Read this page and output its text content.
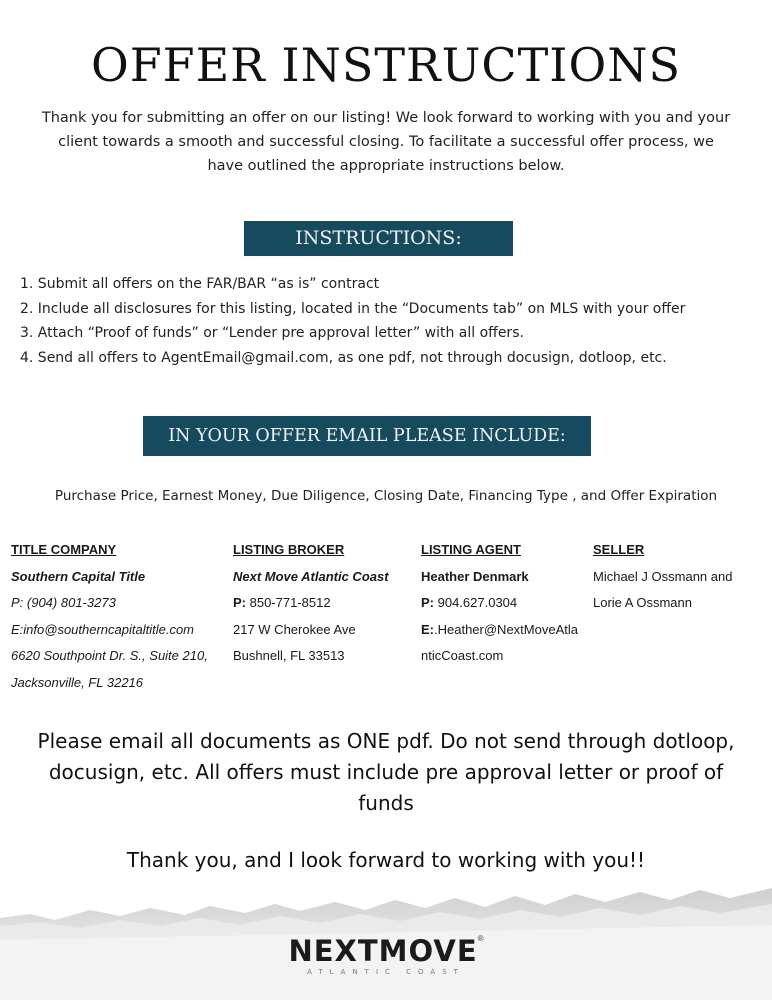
OFFER INSTRUCTIONS

Thank you for submitting an offer on our listing! We look forward to working with you and your client towards a smooth and successful closing. To facilitate a successful offer process, we have outlined the appropriate instructions below.

INSTRUCTIONS:
1. Submit all offers on the FAR/BAR “as is” contract
2. Include all disclosures for this listing, located in the “Documents tab” on MLS with your offer
3. Attach “Proof of funds” or “Lender pre approval letter” with all offers.
4. Send all offers to AgentEmail@gmail.com, as one pdf, not through docusign, dotloop, etc.
IN YOUR OFFER EMAIL PLEASE INCLUDE:

Purchase Price, Earnest Money, Due Diligence, Closing Date, Financing Type , and Offer Expiration

TITLE COMPANY
Southern Capital Title
P: (904) 801-3273
E:info@southerncapitaltitle.com
6620 Southpoint Dr. S., Suite 210,
Jacksonville, FL 32216
LISTING BROKER
Next Move Atlantic Coast
P: 850-771-8512
217 W Cherokee Ave
Bushnell, FL 33513
LISTING AGENT
Heather Denmark
P: 904.627.0304
E:.Heather@NextMoveAtla
nticCoast.com
SELLER
Michael J Ossmann and
Lorie A Ossmann

Please email all documents as ONE pdf. Do not send through dotloop, docusign, etc. All offers must include pre approval letter or proof of funds

Thank you, and I look forward to working with you!!

NEXTMOVE®
ATLANTIC COAST
